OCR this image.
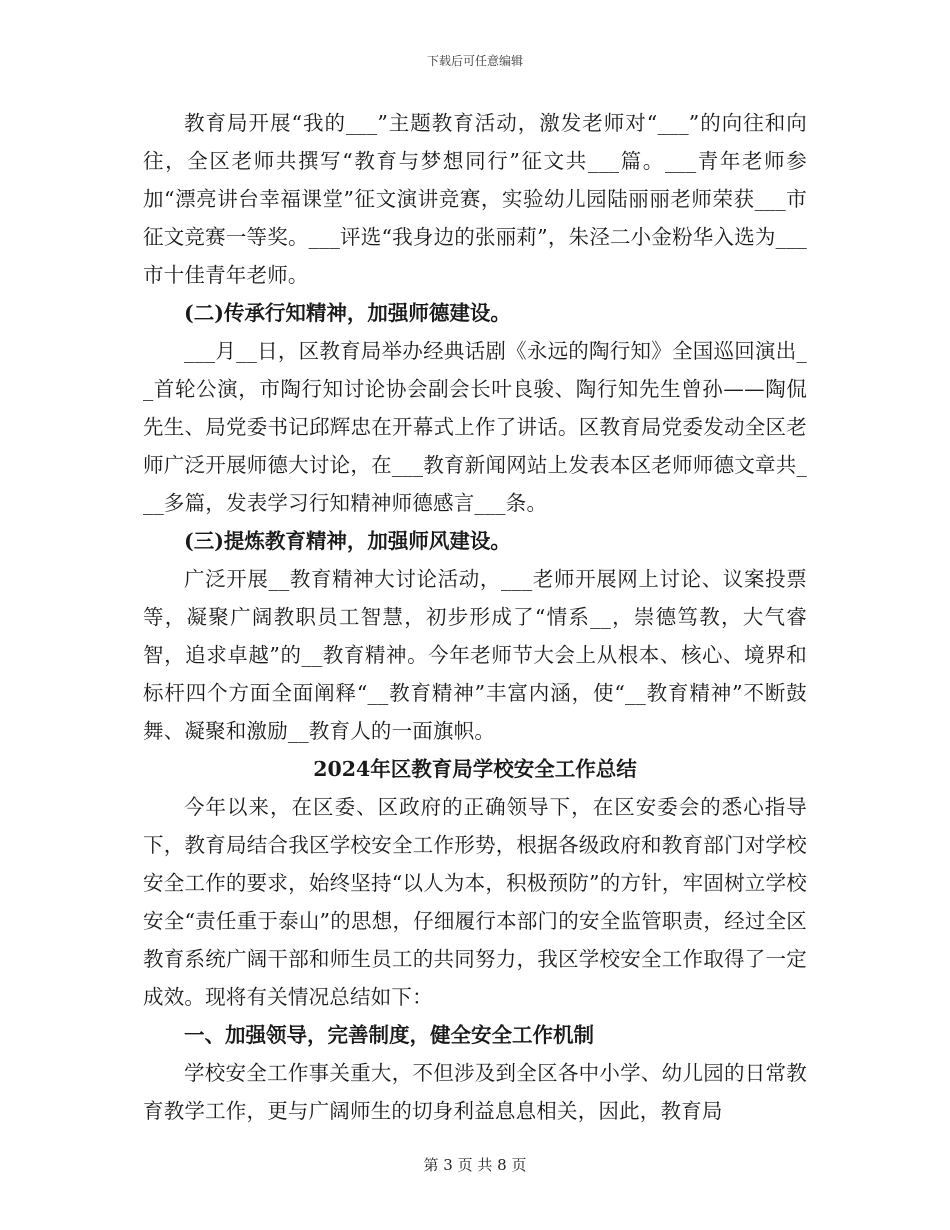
下载后可任意编辑

教育局开展“我的___”主题教育活动，激发老师对“___”的向往和向往，全区老师共撰写“教育与梦想同行”征文共___篇。___青年老师参加“漂亮讲台幸福课堂”征文演讲竞赛，实验幼儿园陆丽丽老师荣获___市征文竞赛一等奖。___评选“我身边的张丽莉”，朱泾二小金粉华入选为___市十佳青年老师。

(二)传承行知精神，加强师德建设。

___月__日，区教育局举办经典话剧《永远的陶行知》全国巡回演出__首轮公演，市陶行知讨论协会副会长叶良骏、陶行知先生曾孙——陶侃先生、局党委书记邱辉忠在开幕式上作了讲话。区教育局党委发动全区老师广泛开展师德大讨论，在___教育新闻网站上发表本区老师师德文章共___多篇，发表学习行知精神师德感言___条。

(三)提炼教育精神，加强师风建设。

广泛开展__教育精神大讨论活动，___老师开展网上讨论、议案投票等，凝聚广阔教职员工智慧，初步形成了“情系__，崇德笃教，大气睿智，追求卓越”的__教育精神。今年老师节大会上从根本、核心、境界和标杆四个方面全面阐释“__教育精神”丰富内涵，使“__教育精神”不断鼓舞、凝聚和激励__教育人的一面旗帜。

2024年区教育局学校安全工作总结

今年以来，在区委、区政府的正确领导下，在区安委会的悉心指导下，教育局结合我区学校安全工作形势，根据各级政府和教育部门对学校安全工作的要求，始终坚持“以人为本，积极预防”的方针，牢固树立学校安全“责任重于泰山”的思想，仔细履行本部门的安全监管职责，经过全区教育系统广阔干部和师生员工的共同努力，我区学校安全工作取得了一定成效。现将有关情况总结如下：

一、加强领导，完善制度，健全安全工作机制

学校安全工作事关重大，不但涉及到全区各中小学、幼儿园的日常教育教学工作，更与广阔师生的切身利益息息相关，因此，教育局

第 3 页 共 8 页
